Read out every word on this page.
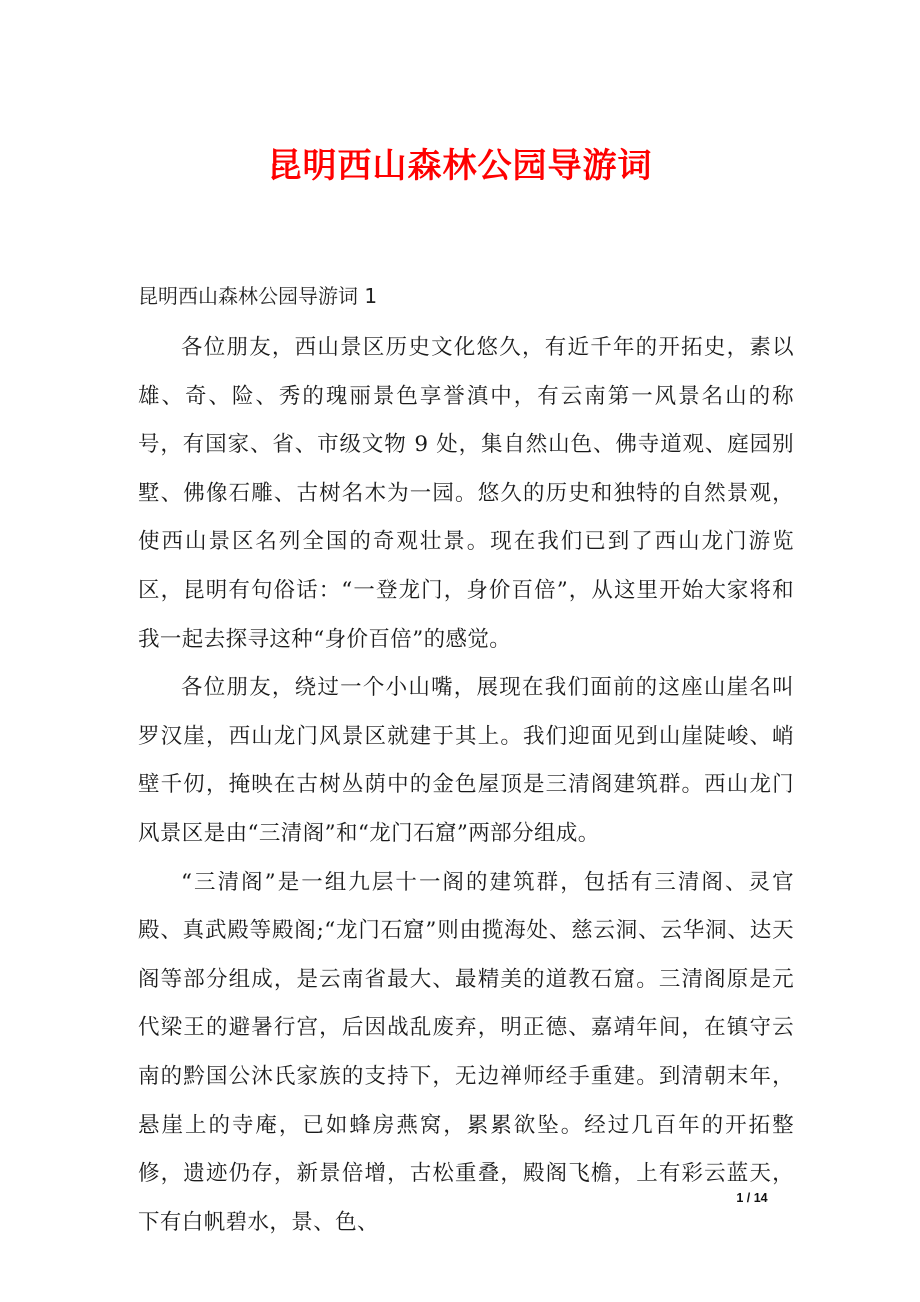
昆明西山森林公园导游词
昆明西山森林公园导游词 1

各位朋友，西山景区历史文化悠久，有近千年的开拓史，素以雄、奇、险、秀的瑰丽景色享誉滇中，有云南第一风景名山的称号，有国家、省、市级文物 9 处，集自然山色、佛寺道观、庭园别墅、佛像石雕、古树名木为一园。悠久的历史和独特的自然景观，使西山景区名列全国的奇观壮景。现在我们已到了西山龙门游览区，昆明有句俗话：“一登龙门，身价百倍”，从这里开始大家将和我一起去探寻这种“身价百倍”的感觉。

各位朋友，绕过一个小山嘴，展现在我们面前的这座山崖名叫罗汉崖，西山龙门风景区就建于其上。我们迎面见到山崖陡峻、峭壁千仞，掩映在古树丛荫中的金色屋顶是三清阁建筑群。西山龙门风景区是由“三清阁”和“龙门石窟”两部分组成。

“三清阁”是一组九层十一阁的建筑群，包括有三清阁、灵官殿、真武殿等殿阁;“龙门石窟”则由揽海处、慈云洞、云华洞、达天阁等部分组成，是云南省最大、最精美的道教石窟。三清阁原是元代梁王的避暑行宫，后因战乱废弃，明正德、嘉靖年间，在镇守云南的黔国公沐氏家族的支持下，无边禅师经手重建。到清朝末年，悬崖上的寺庵，已如蜂房燕窝，累累欲坠。经过几百年的开拓整修，遗迹仍存，新景倍增，古松重叠，殿阁飞檐，上有彩云蓝天，下有白帆碧水，景、色、

1 / 14
